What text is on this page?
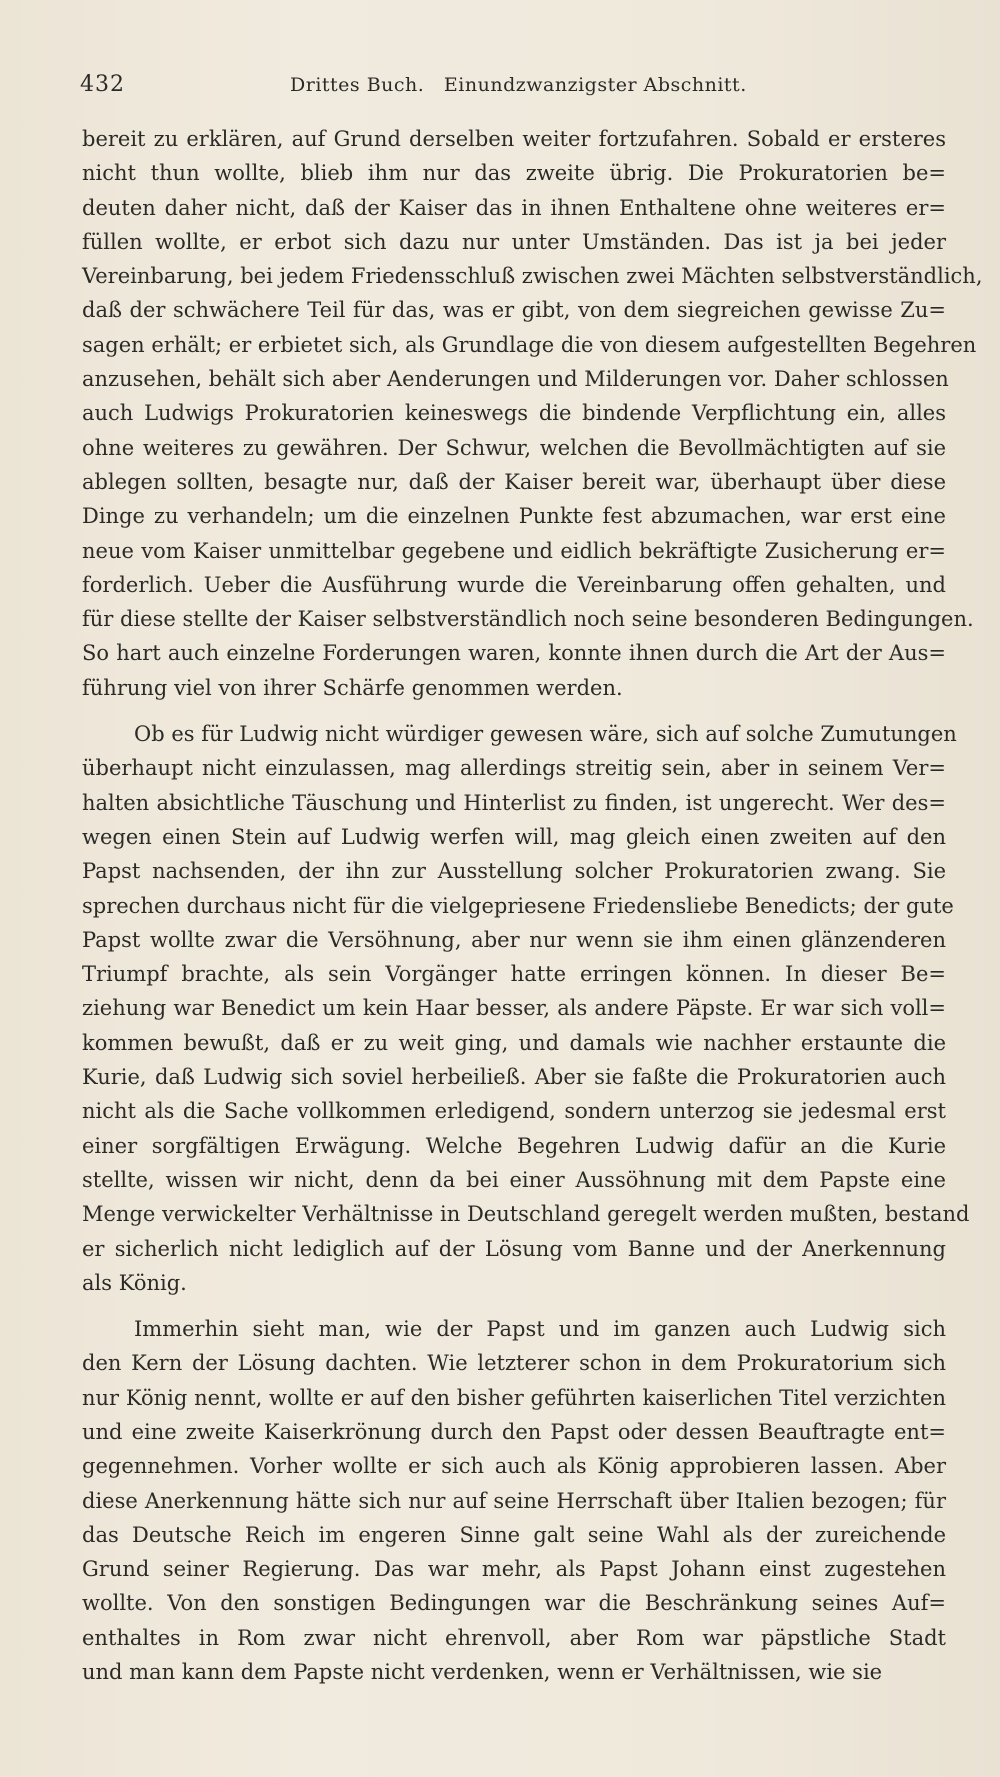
432	Drittes Buch.   Einundzwanzigster Abschnitt.
bereit zu erklären, auf Grund derselben weiter fortzufahren. Sobald er ersteres
nicht thun wollte, blieb ihm nur das zweite übrig. Die Prokuratorien be=
deuten daher nicht, daß der Kaiser das in ihnen Enthaltene ohne weiteres er=
füllen wollte, er erbot sich dazu nur unter Umständen. Das ist ja bei jeder
Vereinbarung, bei jedem Friedensschluß zwischen zwei Mächten selbstverständlich,
daß der schwächere Teil für das, was er gibt, von dem siegreichen gewisse Zu=
sagen erhält; er erbietet sich, als Grundlage die von diesem aufgestellten Begehren
anzusehen, behält sich aber Aenderungen und Milderungen vor. Daher schlossen
auch Ludwigs Prokuratorien keineswegs die bindende Verpflichtung ein, alles
ohne weiteres zu gewähren. Der Schwur, welchen die Bevollmächtigten auf sie
ablegen sollten, besagte nur, daß der Kaiser bereit war, überhaupt über diese
Dinge zu verhandeln; um die einzelnen Punkte fest abzumachen, war erst eine
neue vom Kaiser unmittelbar gegebene und eidlich bekräftigte Zusicherung er=
forderlich. Ueber die Ausführung wurde die Vereinbarung offen gehalten, und
für diese stellte der Kaiser selbstverständlich noch seine besonderen Bedingungen.
So hart auch einzelne Forderungen waren, konnte ihnen durch die Art der Aus=
führung viel von ihrer Schärfe genommen werden.
Ob es für Ludwig nicht würdiger gewesen wäre, sich auf solche Zumutungen
überhaupt nicht einzulassen, mag allerdings streitig sein, aber in seinem Ver=
halten absichtliche Täuschung und Hinterlist zu finden, ist ungerecht. Wer des=
wegen einen Stein auf Ludwig werfen will, mag gleich einen zweiten auf den
Papst nachsenden, der ihn zur Ausstellung solcher Prokuratorien zwang. Sie
sprechen durchaus nicht für die vielgepriesene Friedensliebe Benedicts; der gute
Papst wollte zwar die Versöhnung, aber nur wenn sie ihm einen glänzenderen
Triumpf brachte, als sein Vorgänger hatte erringen können. In dieser Be=
ziehung war Benedict um kein Haar besser, als andere Päpste. Er war sich voll=
kommen bewußt, daß er zu weit ging, und damals wie nachher erstaunte die
Kurie, daß Ludwig sich soviel herbeiließ. Aber sie faßte die Prokuratorien auch
nicht als die Sache vollkommen erledigend, sondern unterzog sie jedesmal erst
einer sorgfältigen Erwägung. Welche Begehren Ludwig dafür an die Kurie
stellte, wissen wir nicht, denn da bei einer Aussöhnung mit dem Papste eine
Menge verwickelter Verhältnisse in Deutschland geregelt werden mußten, bestand
er sicherlich nicht lediglich auf der Lösung vom Banne und der Anerkennung
als König.
Immerhin sieht man, wie der Papst und im ganzen auch Ludwig sich
den Kern der Lösung dachten. Wie letzterer schon in dem Prokuratorium sich
nur König nennt, wollte er auf den bisher geführten kaiserlichen Titel verzichten
und eine zweite Kaiserkrönung durch den Papst oder dessen Beauftragte ent=
gegennehmen. Vorher wollte er sich auch als König approbieren lassen. Aber
diese Anerkennung hätte sich nur auf seine Herrschaft über Italien bezogen; für
das Deutsche Reich im engeren Sinne galt seine Wahl als der zureichende
Grund seiner Regierung. Das war mehr, als Papst Johann einst zugestehen
wollte. Von den sonstigen Bedingungen war die Beschränkung seines Auf=
enthaltes in Rom zwar nicht ehrenvoll, aber Rom war päpstliche Stadt
und man kann dem Papste nicht verdenken, wenn er Verhältnissen, wie sie
